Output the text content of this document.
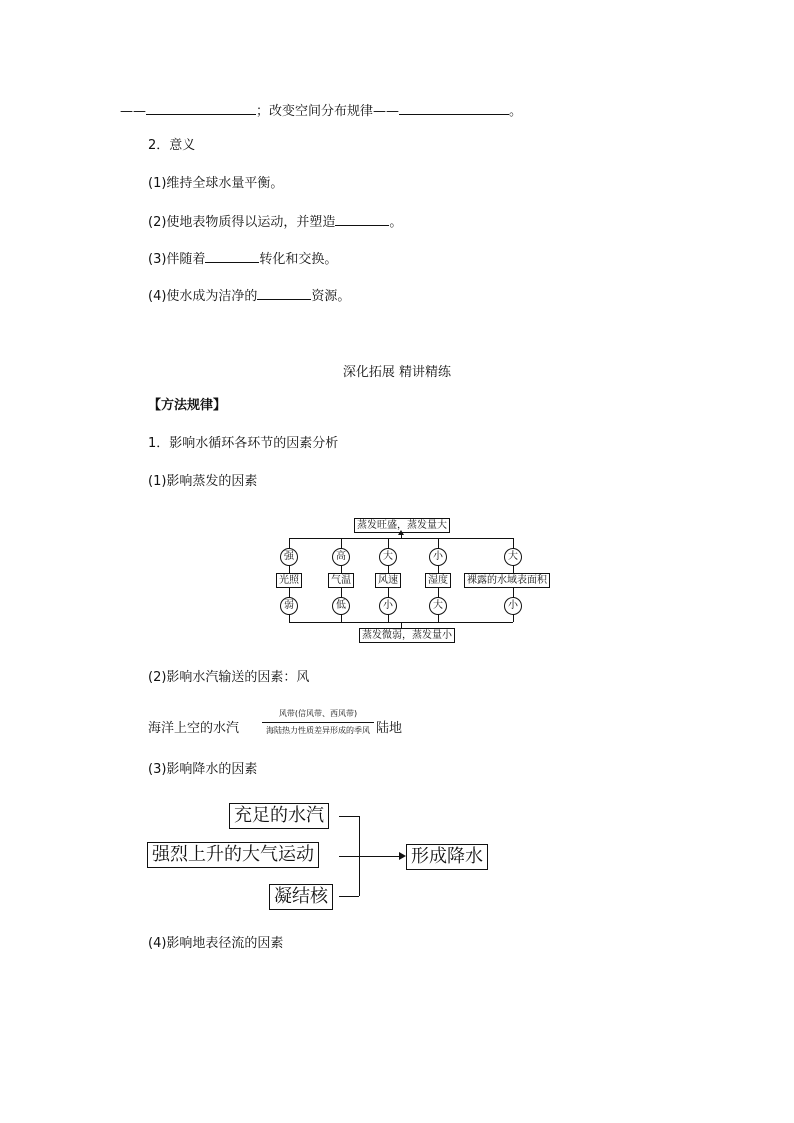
——	；改变空间分布规律——	。
2．意义
(1)维持全球水量平衡。
(2)使地表物质得以运动，并塑造	。
(3)伴随着	转化和交换。
(4)使水成为洁净的	资源。
深化拓展 精讲精练
【方法规律】
1．影响水循环各环节的因素分析
(1)影响蒸发的因素
蒸发旺盛，蒸发量大
蒸发微弱，蒸发量小
强
光照
弱
高
气温
低
大
风速
小
小
湿度
大
大
裸露的水域表面积
小
(2)影响水汽输送的因素：风
海洋上空的水汽
风带(信风带、西风带)
海陆热力性质差异形成的季风 陆地
(3)影响降水的因素
充足的水汽
强烈上升的大气运动
凝结核
形成降水
(4)影响地表径流的因素
